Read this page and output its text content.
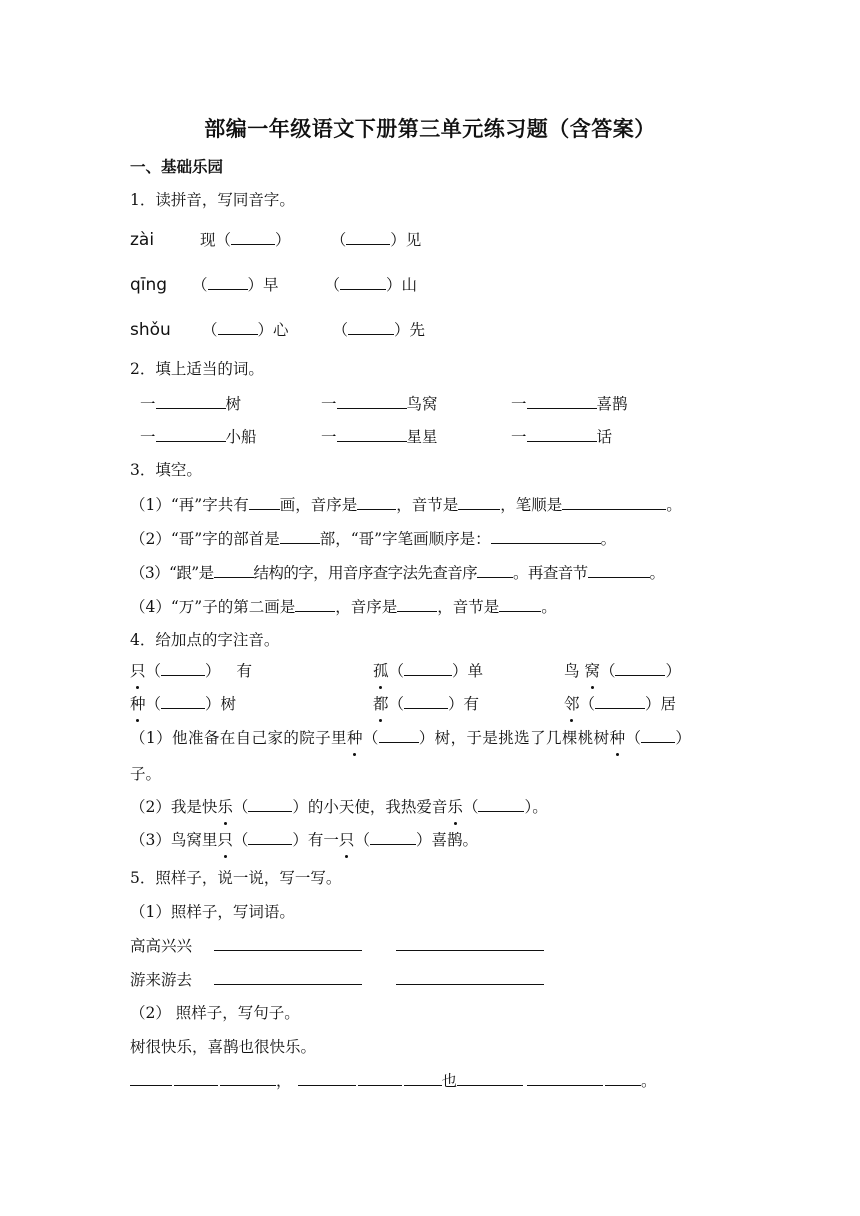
部编一年级语文下册第三单元练习题（含答案）
一、基础乐园
1．读拼音，写同音字。
zài	现（	）	（	）见
qīng （	）早	（	）山
shǒu （	）心	（	）先
2．填上适当的词。
一	树	一	鸟窝	一	喜鹊
一	小船	一	星星	一	话
3．填空。
（1）“再”字共有 画，音序是	，音节是	，笔顺是	。
（2）“哥”字的部首是	部，“哥”字笔画顺序是：	。
（3）“跟”是	结构的字，用音序查字法先查音序 。再查音节	。
（4）“万”子的第二画是	，音序是	，音节是	。
4．给加点的字注音。
只（	） 有	孤（	）单	鸟 窝（	）
种（	）树	都（	）有	邻（	）居
（1）他准备在自己家的院子里种（	）树，于是挑选了几棵桃树种（ ）
子。
（2）我是快乐（	）的小天使，我热爱音乐（	）。
（3）鸟窝里只（	）有一只（	）喜鹊。
5．照样子，说一说，写一写。
（1）照样子，写词语。
高高兴兴
游来游去
（2） 照样子，写句子。
树很快乐，喜鹊也很快乐。
，	也	。
